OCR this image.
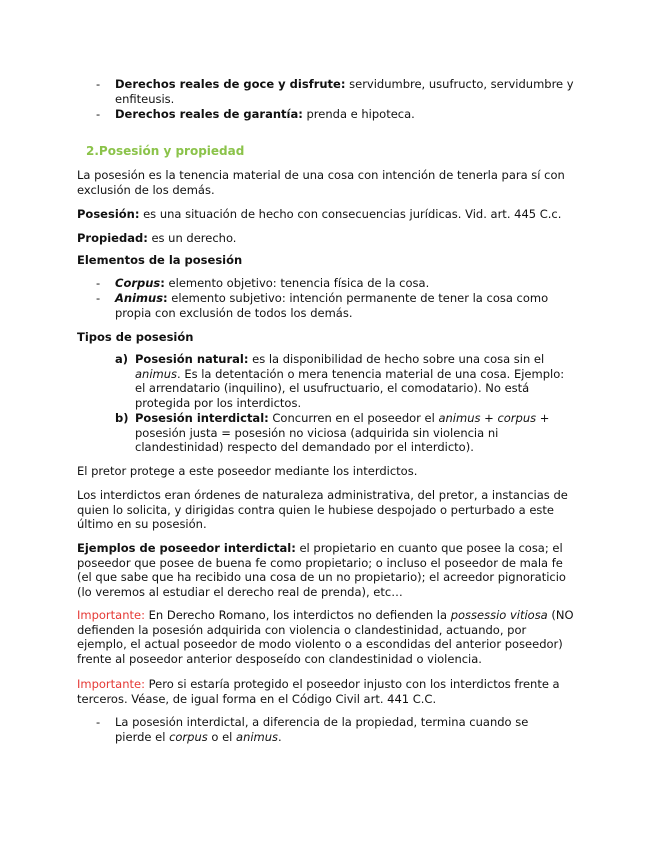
- Derechos reales de goce y disfrute: servidumbre, usufructo, servidumbre y enfiteusis.

- Derechos reales de garantía: prenda e hipoteca.

2.Posesión y propiedad

La posesión es la tenencia material de una cosa con intención de tenerla para sí con exclusión de los demás.

Posesión: es una situación de hecho con consecuencias jurídicas. Vid. art. 445 C.c.

Propiedad: es un derecho.

Elementos de la posesión

- Corpus: elemento objetivo: tenencia física de la cosa.

- Animus: elemento subjetivo: intención permanente de tener la cosa como propia con exclusión de todos los demás.

Tipos de posesión

a) Posesión natural: es la disponibilidad de hecho sobre una cosa sin el animus. Es la detentación o mera tenencia material de una cosa. Ejemplo: el arrendatario (inquilino), el usufructuario, el comodatario). No está protegida por los interdictos.

b) Posesión interdictal: Concurren en el poseedor el animus + corpus + posesión justa = posesión no viciosa (adquirida sin violencia ni clandestinidad) respecto del demandado por el interdicto).

El pretor protege a este poseedor mediante los interdictos.

Los interdictos eran órdenes de naturaleza administrativa, del pretor, a instancias de quien lo solicita, y dirigidas contra quien le hubiese despojado o perturbado a este último en su posesión.

Ejemplos de poseedor interdictal: el propietario en cuanto que posee la cosa; el poseedor que posee de buena fe como propietario; o incluso el poseedor de mala fe (el que sabe que ha recibido una cosa de un no propietario); el acreedor pignoraticio (lo veremos al estudiar el derecho real de prenda), etc…

Importante: En Derecho Romano, los interdictos no defienden la possessio vitiosa (NO defienden la posesión adquirida con violencia o clandestinidad, actuando, por ejemplo, el actual poseedor de modo violento o a escondidas del anterior poseedor) frente al poseedor anterior desposeído con clandestinidad o violencia.

Importante: Pero si estaría protegido el poseedor injusto con los interdictos frente a terceros. Véase, de igual forma en el Código Civil art. 441 C.C.

- La posesión interdictal, a diferencia de la propiedad, termina cuando se pierde el corpus o el animus.
